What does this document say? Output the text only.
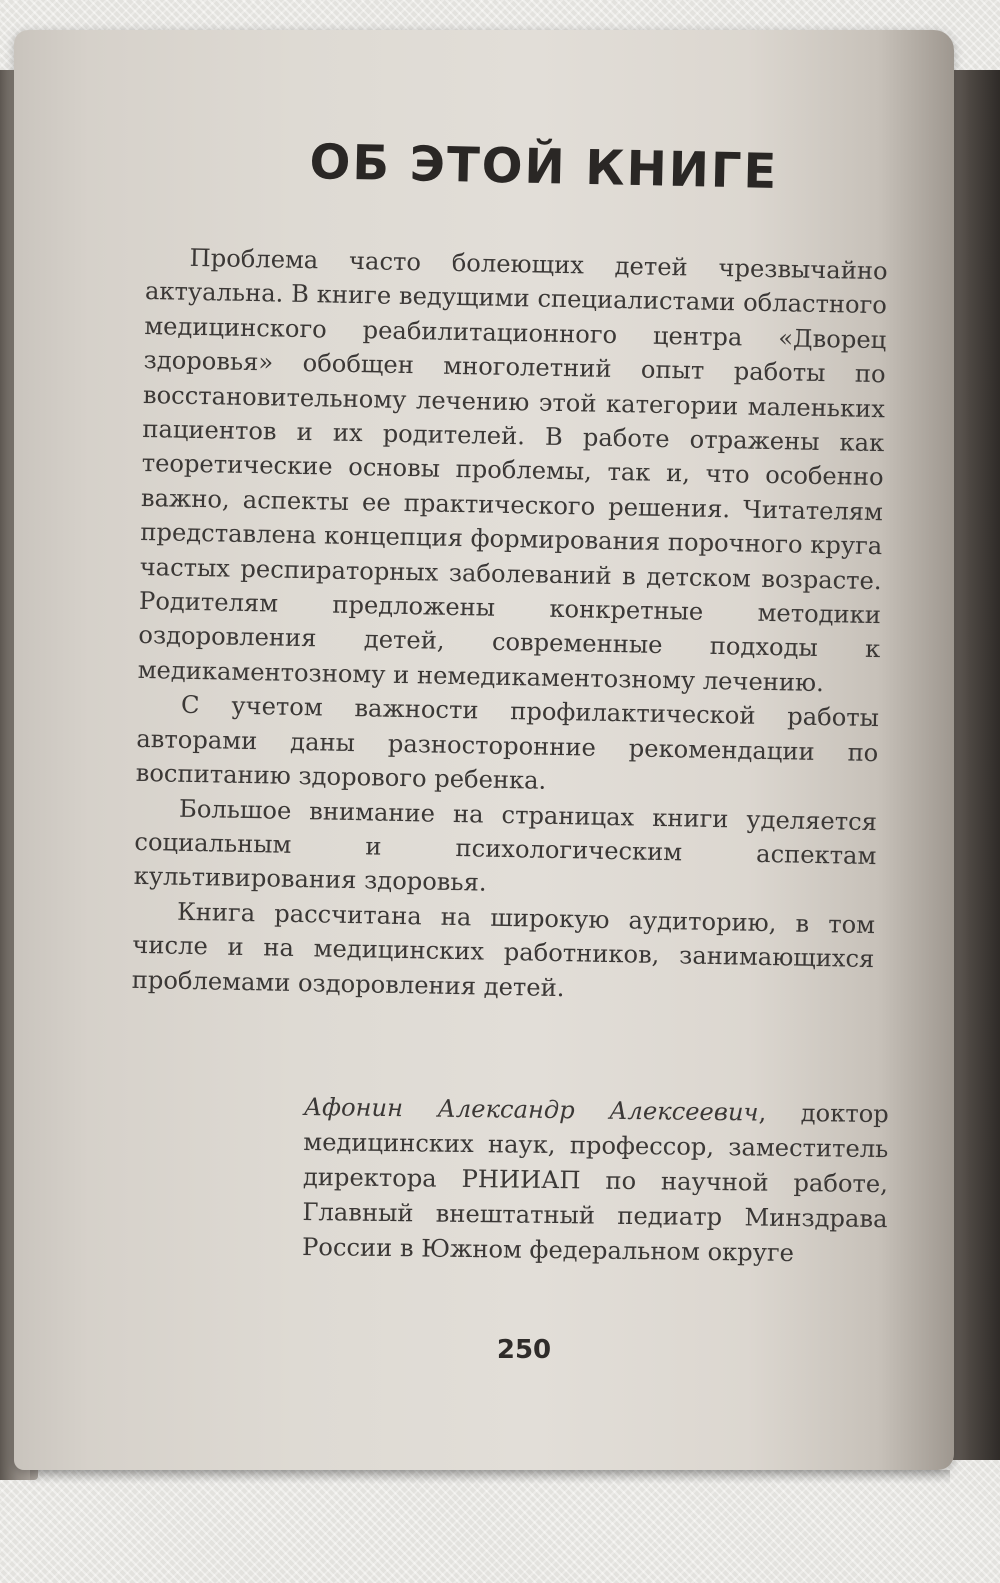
ОБ ЭТОЙ КНИГЕ

Проблема часто болеющих детей чрезвычайно актуальна. В книге ведущими специалистами областного медицинского реабилитационного центра «Дворец здоровья» обобщен многолетний опыт работы по восстановительному лечению этой категории маленьких пациентов и их родителей. В работе отражены как теоретические основы проблемы, так и, что особенно важно, аспекты ее практического решения. Читателям представлена концепция формирования порочного круга частых респираторных заболеваний в детском возрасте. Родителям предложены конкретные методики оздоровления детей, современные подходы к медикаментозному и немедикаментозному лечению.

С учетом важности профилактической работы авторами даны разносторонние рекомендации по воспитанию здорового ребенка.

Большое внимание на страницах книги уделяется социальным и психологическим аспектам культивирования здоровья.

Книга рассчитана на широкую аудиторию, в том числе и на медицинских работников, занимающихся проблемами оздоровления детей.

Афонин Александр Алексеевич, доктор медицинских наук, профессор, заместитель директора РНИИАП по научной работе, Главный внештатный педиатр Минздрава России в Южном федеральном округе
250
